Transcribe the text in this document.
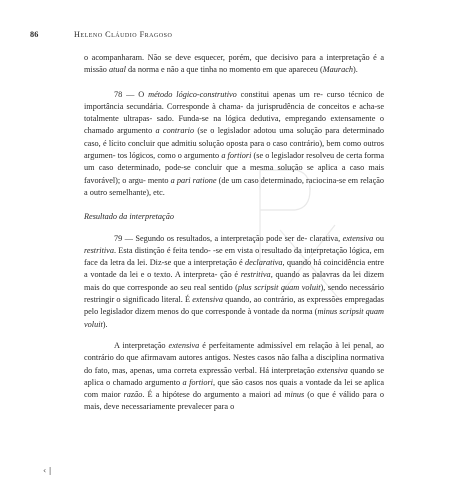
86	Heleno Cláudio Fragoso

o acompanharam. Não se deve esquecer, porém, que decisivo para a interpretação é a missão atual da norma e não a que tinha no momento em que apareceu (Maurach).

78 — O método lógico-construtivo constitui apenas um re- curso técnico de importância secundária. Corresponde à chama- da jurisprudência de conceitos e acha-se totalmente ultrapas- sado. Funda-se na lógica dedutiva, empregando extensamente o chamado argumento a contrario (se o legislador adotou uma solução para determinado caso, é lícito concluir que admitiu solução oposta para o caso contrário), bem como outros argumen- tos lógicos, como o argumento a fortiori (se o legislador resolveu de certa forma um caso determinado, pode-se concluir que a mesma solução se aplica a caso mais favorável); o argu- mento a pari ratione (de um caso determinado, raciocina-se em relação a outro semelhante), etc.

Resultado da interpretação

79 — Segundo os resultados, a interpretação pode ser de- clarativa, extensiva ou restritiva. Esta distinção é feita tendo- -se em vista o resultado da interpretação lógica, em face da letra da lei. Diz-se que a interpretação é declarativa, quando há coincidência entre a vontade da lei e o texto. A interpreta- ção é restritiva, quando as palavras da lei dizem mais do que corresponde ao seu real sentido (plus scripsit quam voluit), sendo necessário restringir o significado literal. É extensiva quando, ao contrário, as expressões empregadas pelo legislador dizem menos do que corresponde à vontade da norma (minus scripsit quam voluit).

A interpretação extensiva é perfeitamente admissível em relação à lei penal, ao contrário do que afirmavam autores antigos. Nestes casos não falha a disciplina normativa do fato, mas, apenas, uma correta expressão verbal. Há interpretação extensiva quando se aplica o chamado argumento a fortiori, que são casos nos quais a vontade da lei se aplica com maior razão. É a hipótese do argumento a maiori ad minus (o que é válido para o mais, deve necessariamente prevalecer para o

‹ |
